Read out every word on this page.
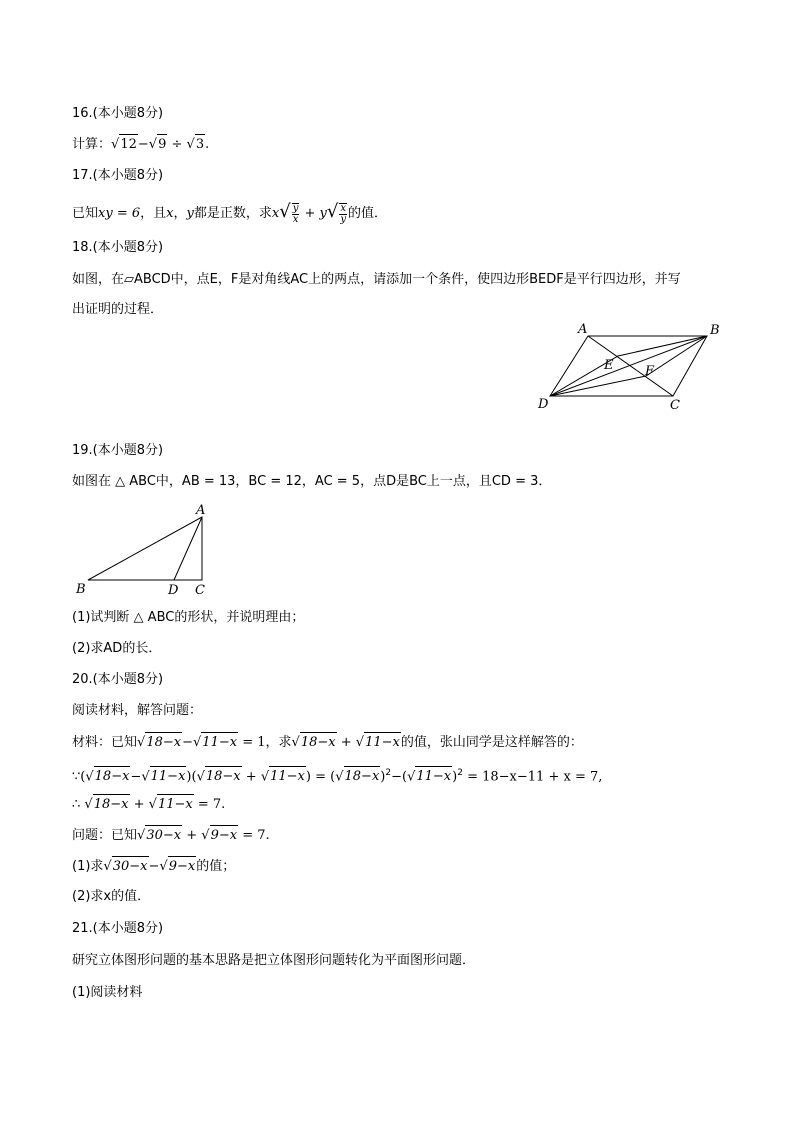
16.(本小题8分)
计算：√12−√9 ÷ √3.
17.(本小题8分)
已知xy = 6，且x，y都是正数，求$x√ \frac{y}{x} + y√ \frac{x}{y}$ 的值．
18.(本小题8分)
如图，在▱ABCD中，点E，F是对角线AC上的两点，请添加一个条件，使四边形BEDF是平行四边形，并写
出证明的过程．
A	B
C
D
E F
19.(本小题8分)
如图在 △ ABC中，AB = 13，BC = 12，AC = 5，点D是BC上一点，且CD = 3．
A
B	D C
(1)试判断 △ ABC的形状，并说明理由；
(2)求AD的长．
20.(本小题8分)
阅读材料，解答问题：
材料：已知√18−x−√11−x = 1，求√18−x + √11−x的值，张山同学是这样解答的：
∵(√18−x−√11−x)(√18−x + $√11-x) = (√18-x)^2-(√11-x)^2 = 18-x-11 + x = 7$,
∴ √18−x + √11−x = 7.
问题：已知√30−x + √9−x = 7.
(1)求√30−x−√9−x的值；
(2)求x的值．
21.(本小题8分)
研究立体图形问题的基本思路是把立体图形问题转化为平面图形问题．
(1)阅读材料
